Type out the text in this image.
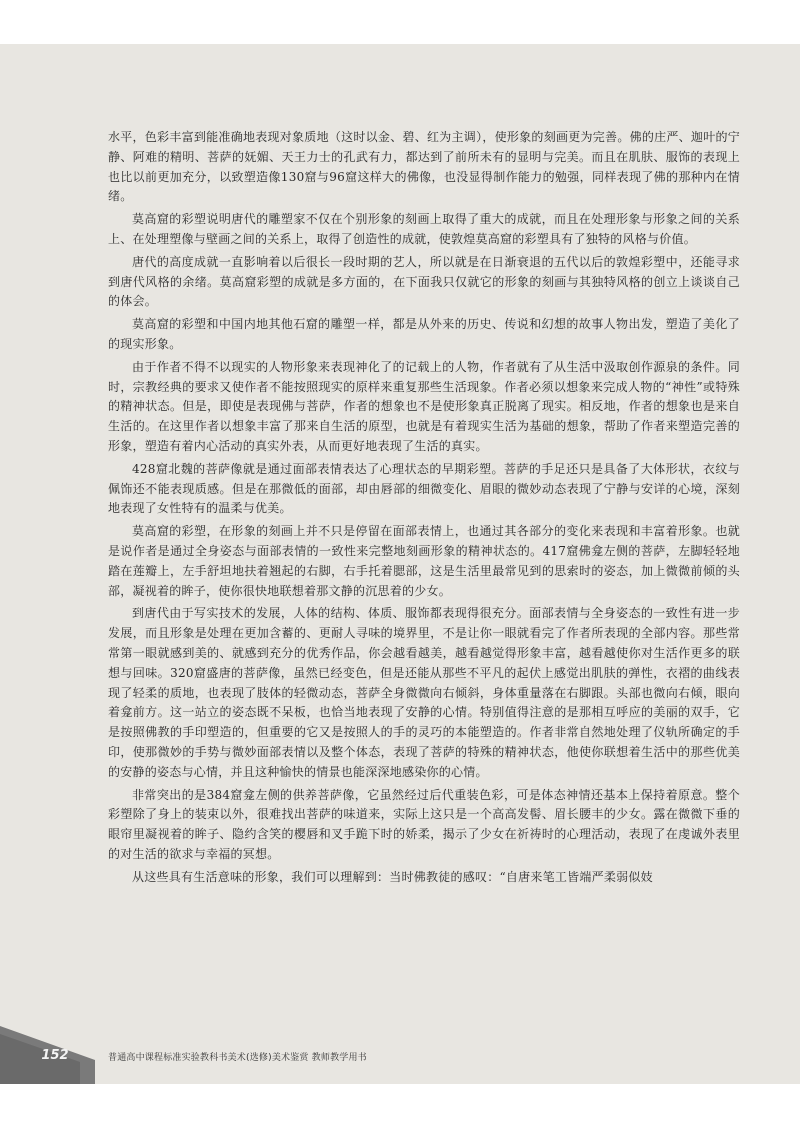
水平，色彩丰富到能准确地表现对象质地（这时以金、碧、红为主调），使形象的刻画更为完善。佛的庄严、迦叶的宁静、阿难的精明、菩萨的妩媚、天王力士的孔武有力，都达到了前所未有的显明与完美。而且在肌肤、服饰的表现上也比以前更加充分，以致塑造像130窟与96窟这样大的佛像，也没显得制作能力的勉强，同样表现了佛的那种内在情绪。

莫高窟的彩塑说明唐代的雕塑家不仅在个别形象的刻画上取得了重大的成就，而且在处理形象与形象之间的关系上、在处理塑像与壁画之间的关系上，取得了创造性的成就，使敦煌莫高窟的彩塑具有了独特的风格与价值。

唐代的高度成就一直影响着以后很长一段时期的艺人，所以就是在日渐衰退的五代以后的敦煌彩塑中，还能寻求到唐代风格的余绪。莫高窟彩塑的成就是多方面的，在下面我只仅就它的形象的刻画与其独特风格的创立上谈谈自己的体会。

莫高窟的彩塑和中国内地其他石窟的雕塑一样，都是从外来的历史、传说和幻想的故事人物出发，塑造了美化了的现实形象。

由于作者不得不以现实的人物形象来表现神化了的记载上的人物，作者就有了从生活中汲取创作源泉的条件。同时，宗教经典的要求又使作者不能按照现实的原样来重复那些生活现象。作者必须以想象来完成人物的“神性”或特殊的精神状态。但是，即使是表现佛与菩萨，作者的想象也不是使形象真正脱离了现实。相反地，作者的想象也是来自生活的。在这里作者以想象丰富了那来自生活的原型，也就是有着现实生活为基础的想象，帮助了作者来塑造完善的形象，塑造有着内心活动的真实外表，从而更好地表现了生活的真实。

428窟北魏的菩萨像就是通过面部表情表达了心理状态的早期彩塑。菩萨的手足还只是具备了大体形状，衣纹与佩饰还不能表现质感。但是在那微低的面部，却由唇部的细微变化、眉眼的微妙动态表现了宁静与安详的心境，深刻地表现了女性特有的温柔与优美。

莫高窟的彩塑，在形象的刻画上并不只是停留在面部表情上，也通过其各部分的变化来表现和丰富着形象。也就是说作者是通过全身姿态与面部表情的一致性来完整地刻画形象的精神状态的。417窟佛龛左侧的菩萨，左脚轻轻地踏在莲瓣上，左手舒坦地扶着翘起的右脚，右手托着腮部，这是生活里最常见到的思索时的姿态，加上微微前倾的头部，凝视着的眸子，使你很快地联想着那文静的沉思着的少女。

到唐代由于写实技术的发展，人体的结构、体质、服饰都表现得很充分。面部表情与全身姿态的一致性有进一步发展，而且形象是处理在更加含蓄的、更耐人寻味的境界里，不是让你一眼就看完了作者所表现的全部内容。那些常常第一眼就感到美的、就感到充分的优秀作品，你会越看越美，越看越觉得形象丰富，越看越使你对生活作更多的联想与回味。320窟盛唐的菩萨像，虽然已经变色，但是还能从那些不平凡的起伏上感觉出肌肤的弹性，衣褶的曲线表现了轻柔的质地，也表现了肢体的轻微动态，菩萨全身微微向右倾斜，身体重量落在右脚跟。头部也微向右倾，眼向着龛前方。这一站立的姿态既不呆板，也恰当地表现了安静的心情。特别值得注意的是那相互呼应的美丽的双手，它是按照佛教的手印塑造的，但重要的它又是按照人的手的灵巧的本能塑造的。作者非常自然地处理了仪轨所确定的手印，使那微妙的手势与微妙面部表情以及整个体态，表现了菩萨的特殊的精神状态，他使你联想着生活中的那些优美的安静的姿态与心情，并且这种愉快的情景也能深深地感染你的心情。

非常突出的是384窟龛左侧的供养菩萨像，它虽然经过后代重装色彩，可是体态神情还基本上保持着原意。整个彩塑除了身上的装束以外，很难找出菩萨的味道来，实际上这只是一个高高发髻、眉长腰丰的少女。露在微微下垂的眼帘里凝视着的眸子、隐约含笑的樱唇和叉手跪下时的娇柔，揭示了少女在祈祷时的心理活动，表现了在虔诚外表里的对生活的欲求与幸福的冥想。

从这些具有生活意味的形象，我们可以理解到：当时佛教徒的感叹：“自唐来笔工皆端严柔弱似妓

152	普通高中课程标准实验教科书美术(选修)美术鉴赏 教师教学用书
